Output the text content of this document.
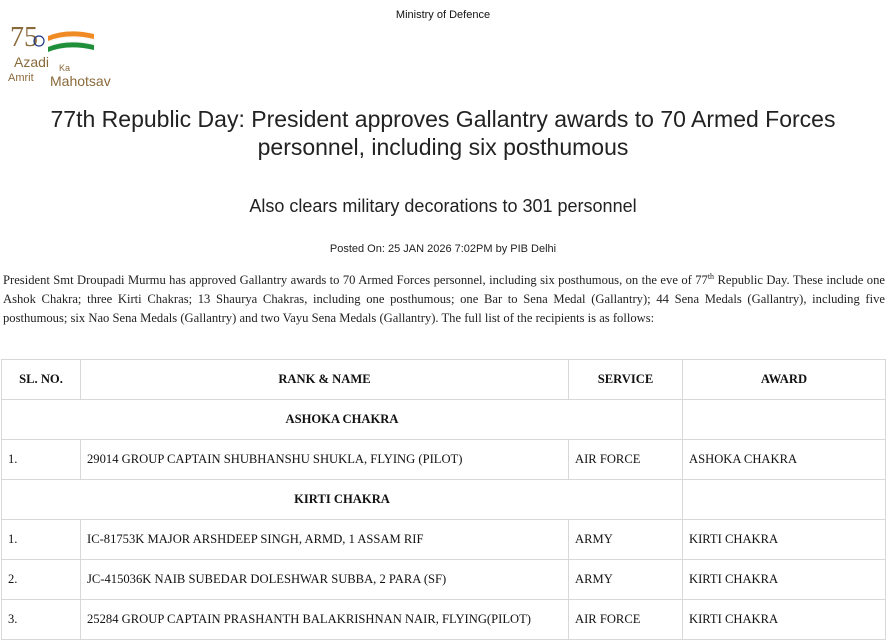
Ministry of Defence
75
Azadi Ka
Amrit Mahotsav
77th Republic Day: President approves Gallantry awards to 70 Armed Forces personnel, including six posthumous
Also clears military decorations to 301 personnel
Posted On: 25 JAN 2026 7:02PM by PIB Delhi

President Smt Droupadi Murmu has approved Gallantry awards to 70 Armed Forces personnel, including six posthumous, on the eve of 77th Republic Day. These include one Ashok Chakra; three Kirti Chakras; 13 Shaurya Chakras, including one posthumous; one Bar to Sena Medal (Gallantry); 44 Sena Medals (Gallantry), including five posthumous; six Nao Sena Medals (Gallantry) and two Vayu Sena Medals (Gallantry). The full list of the recipients is as follows:

SL. NO.	RANK & NAME	SERVICE	AWARD
ASHOKA CHAKRA			
1.	29014 GROUP CAPTAIN SHUBHANSHU SHUKLA, FLYING (PILOT)	AIR FORCE	ASHOKA CHAKRA
KIRTI CHAKRA			
1.	IC-81753K MAJOR ARSHDEEP SINGH, ARMD, 1 ASSAM RIF	ARMY	KIRTI CHAKRA
2.	JC-415036K NAIB SUBEDAR DOLESHWAR SUBBA, 2 PARA (SF)	ARMY	KIRTI CHAKRA
3.	25284 GROUP CAPTAIN PRASHANTH BALAKRISHNAN NAIR, FLYING(PILOT)	AIR FORCE	KIRTI CHAKRA
